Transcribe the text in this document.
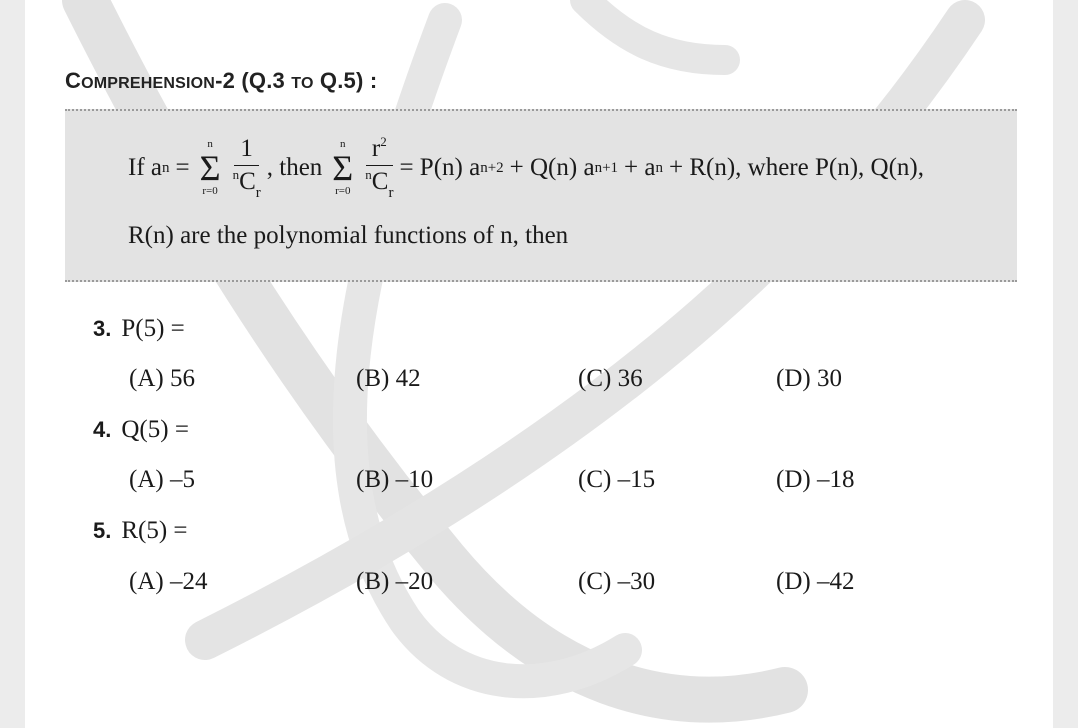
COMPREHENSION-2 (Q.3 TO Q.5) :
If a n =
n
Σ
$r=0 \frac{1}{^nC_r}$ , then
n
Σ
$r=0 \frac{r^2}{^nC_r} = P(n)$ a n+2 + Q(n) a n+1 + a n + R(n), where P(n), Q(n),
R(n) are the polynomial functions of n, then
3. P(5) =
(A) 56	(B) 42	(C) 36	(D) 30
4. Q(5) =
(A) –5	(B) –10	(C) –15	(D) –18
5. R(5) =
(A) –24	(B) –20	(C) –30	(D) –42
